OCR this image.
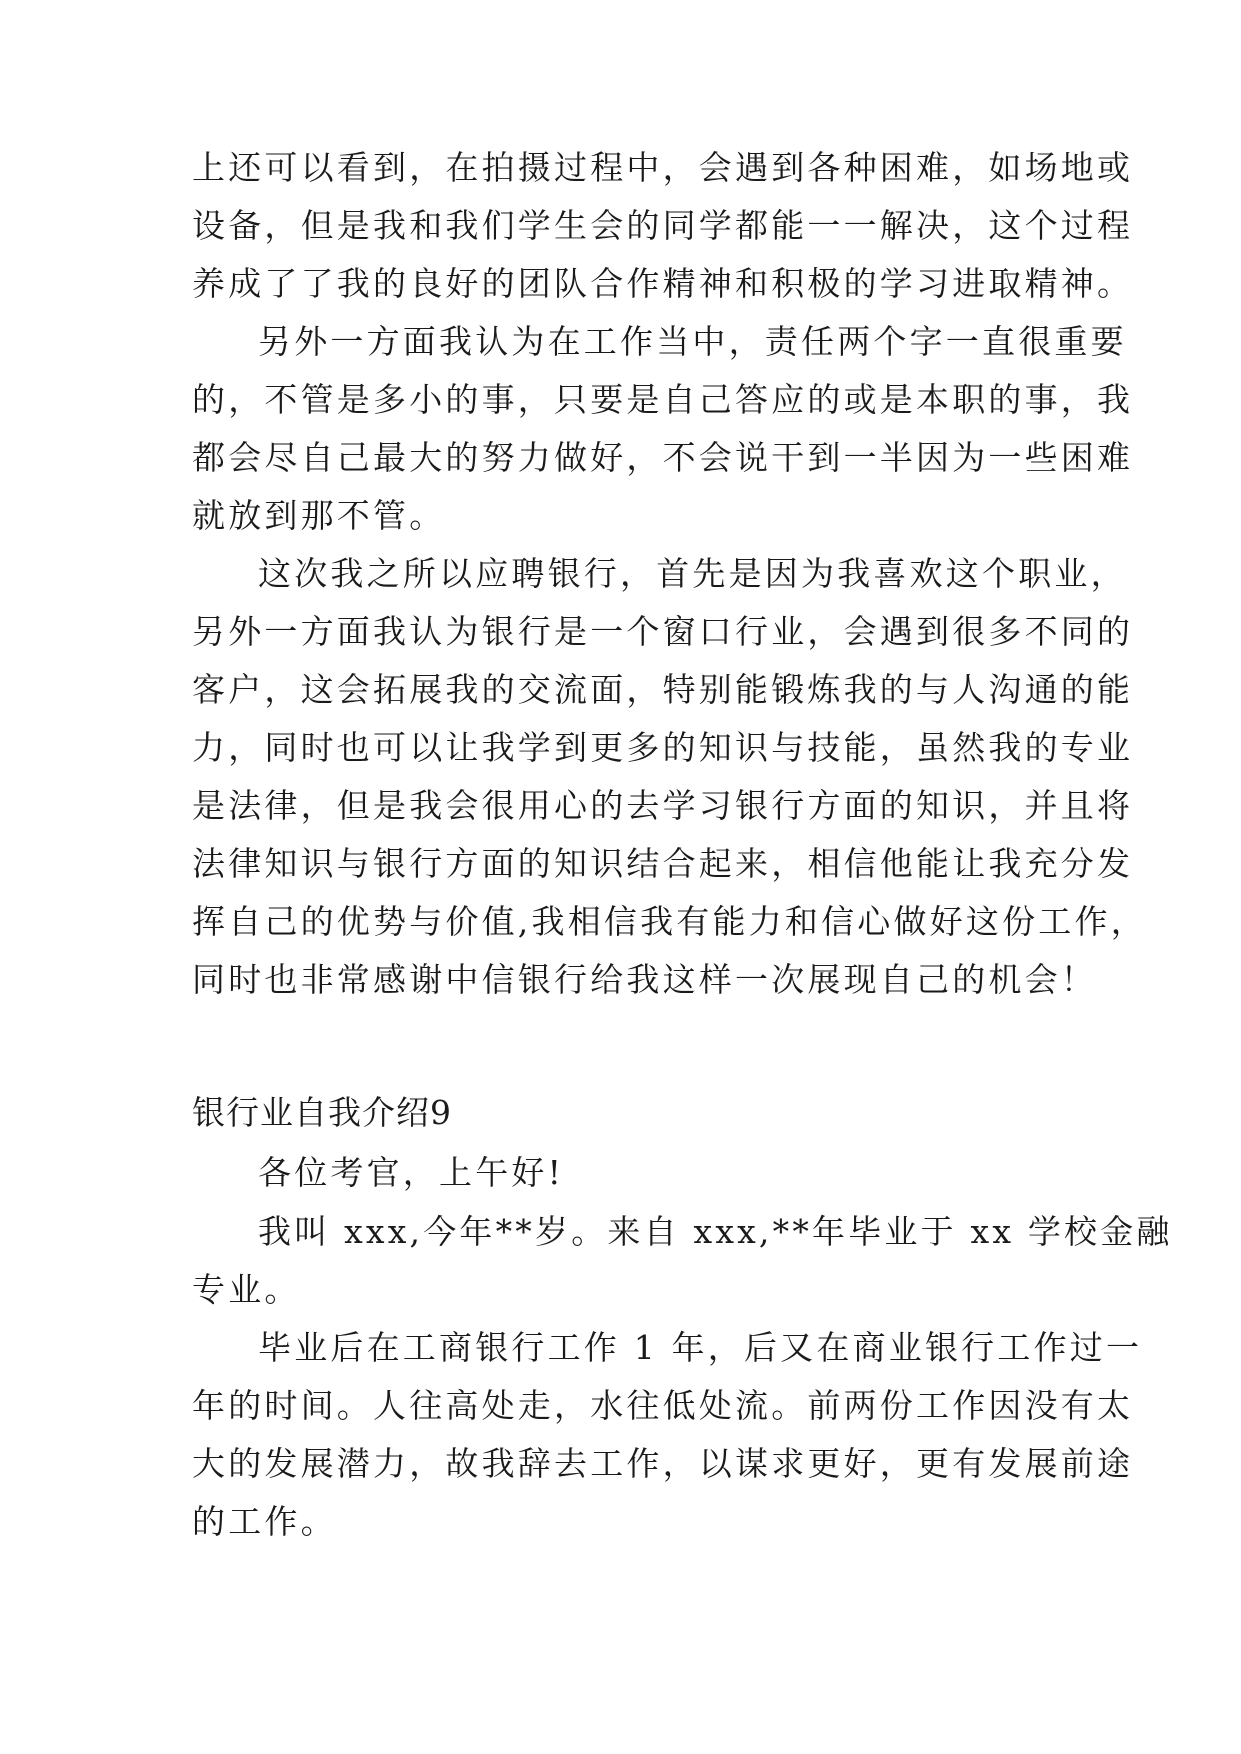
上还可以看到，在拍摄过程中，会遇到各种困难，如场地或
设备，但是我和我们学生会的同学都能一一解决，这个过程
养成了了我的良好的团队合作精神和积极的学习进取精神。
另外一方面我认为在工作当中，责任两个字一直很重要
的，不管是多小的事，只要是自己答应的或是本职的事，我
都会尽自己最大的努力做好，不会说干到一半因为一些困难
就放到那不管。
这次我之所以应聘银行，首先是因为我喜欢这个职业，
另外一方面我认为银行是一个窗口行业，会遇到很多不同的
客户，这会拓展我的交流面，特别能锻炼我的与人沟通的能
力，同时也可以让我学到更多的知识与技能，虽然我的专业
是法律，但是我会很用心的去学习银行方面的知识，并且将
法律知识与银行方面的知识结合起来，相信他能让我充分发
挥自己的优势与价值,我相信我有能力和信心做好这份工作，
同时也非常感谢中信银行给我这样一次展现自己的机会！
银行业自我介绍9
各位考官，上午好!
我叫 xxx,今年**岁。来自 xxx,**年毕业于 xx 学校金融
专业。
毕业后在工商银行工作 1 年，后又在商业银行工作过一
年的时间。人往高处走，水往低处流。前两份工作因没有太
大的发展潜力，故我辞去工作，以谋求更好，更有发展前途
的工作。
